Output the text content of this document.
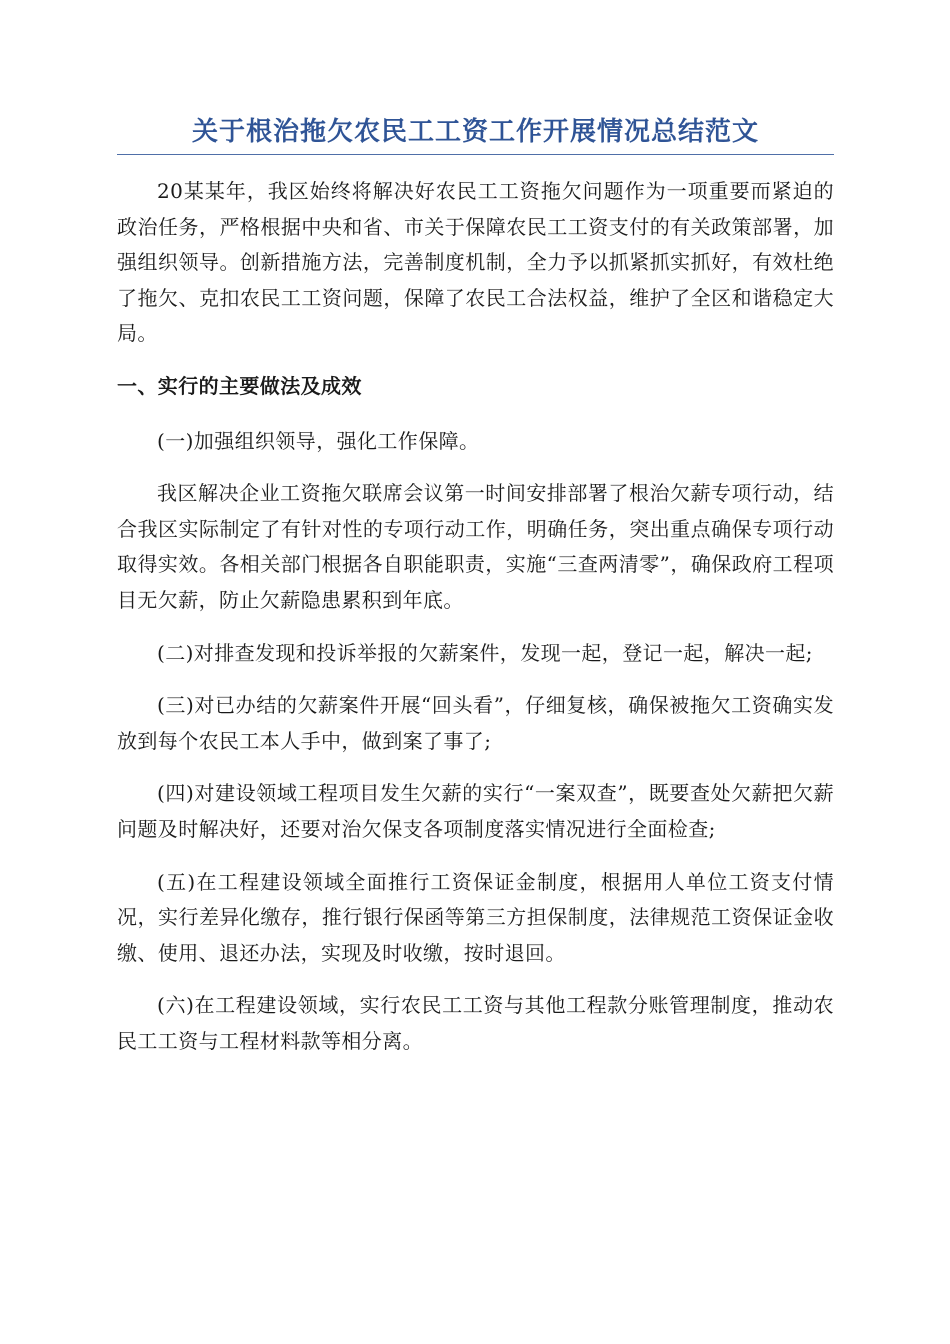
关于根治拖欠农民工工资工作开展情况总结范文

20某某年，我区始终将解决好农民工工资拖欠问题作为一项重要而紧迫的政治任务，严格根据中央和省、市关于保障农民工工资支付的有关政策部署，加强组织领导。创新措施方法，完善制度机制，全力予以抓紧抓实抓好，有效杜绝了拖欠、克扣农民工工资问题，保障了农民工合法权益，维护了全区和谐稳定大局。

一、实行的主要做法及成效

(一)加强组织领导，强化工作保障。

我区解决企业工资拖欠联席会议第一时间安排部署了根治欠薪专项行动，结合我区实际制定了有针对性的专项行动工作，明确任务，突出重点确保专项行动取得实效。各相关部门根据各自职能职责，实施“三查两清零”，确保政府工程项目无欠薪，防止欠薪隐患累积到年底。

(二)对排查发现和投诉举报的欠薪案件，发现一起，登记一起，解决一起;

(三)对已办结的欠薪案件开展“回头看”，仔细复核，确保被拖欠工资确实发放到每个农民工本人手中，做到案了事了;

(四)对建设领域工程项目发生欠薪的实行“一案双查”，既要查处欠薪把欠薪问题及时解决好，还要对治欠保支各项制度落实情况进行全面检查;

(五)在工程建设领域全面推行工资保证金制度，根据用人单位工资支付情况，实行差异化缴存，推行银行保函等第三方担保制度，法律规范工资保证金收缴、使用、退还办法，实现及时收缴，按时退回。

(六)在工程建设领域，实行农民工工资与其他工程款分账管理制度，推动农民工工资与工程材料款等相分离。
